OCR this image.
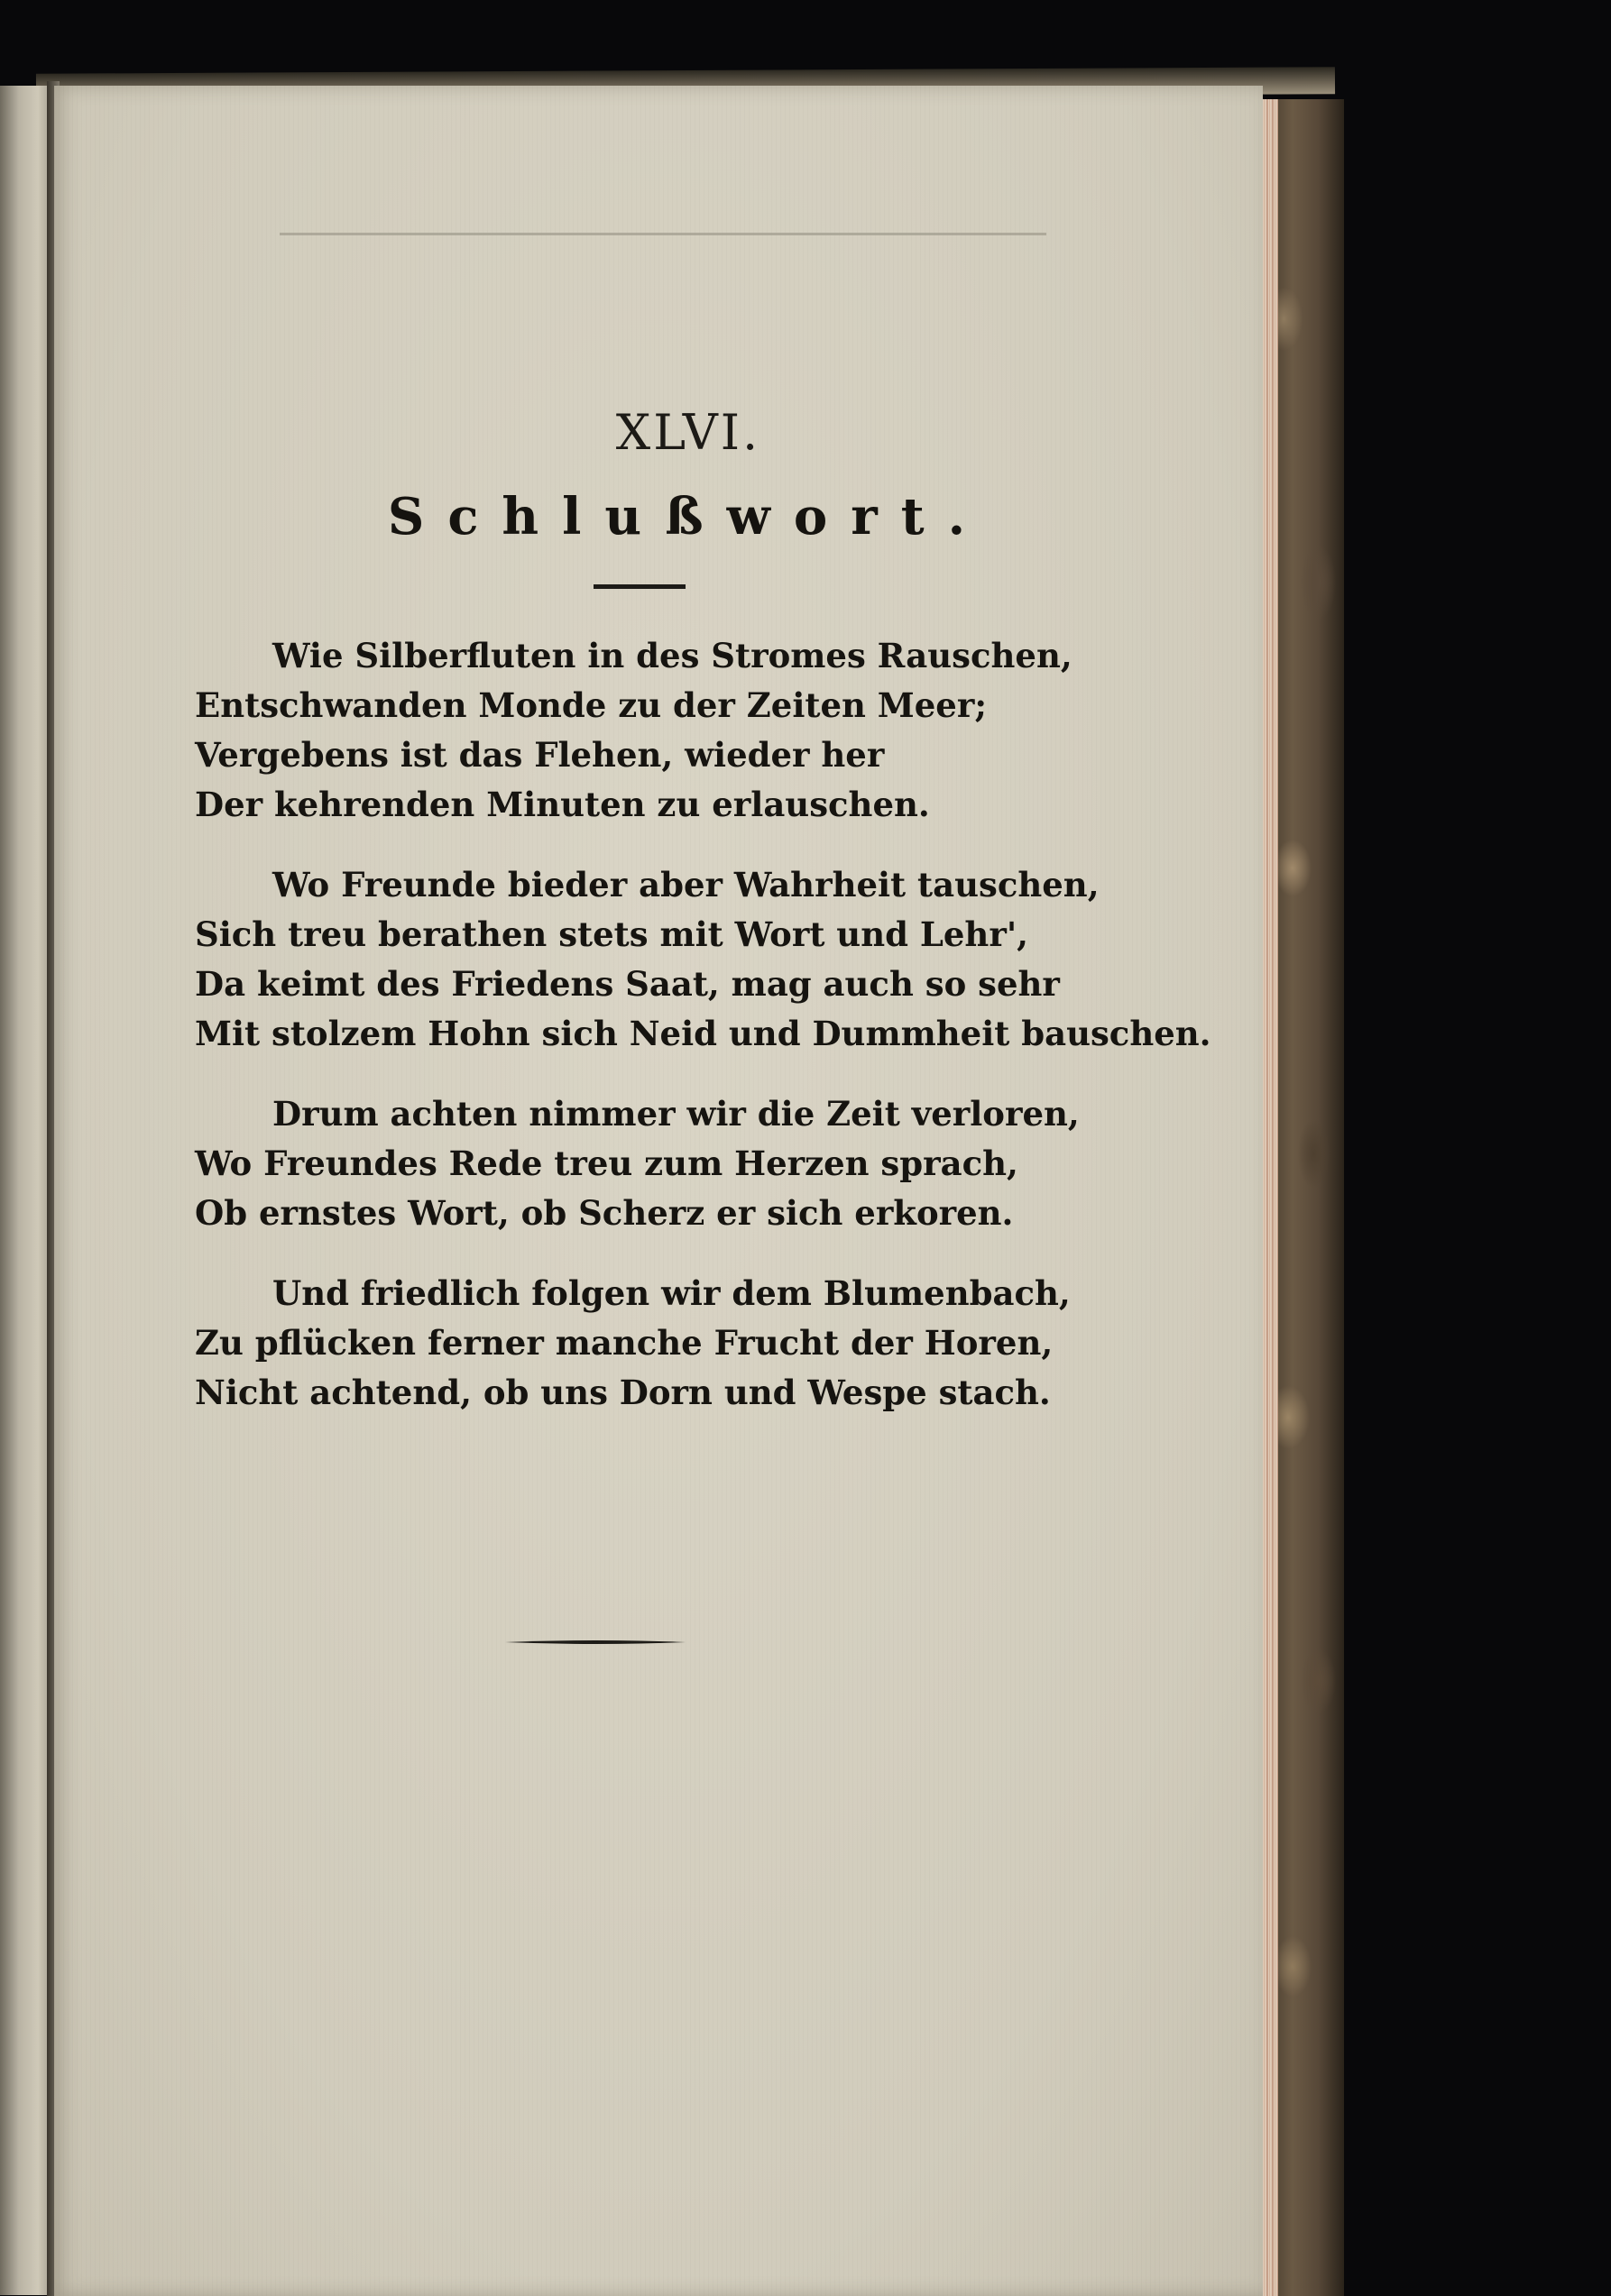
XLVI.
Schlußwort.
Wie Silberfluten in des Stromes Rauschen,
Entschwanden Monde zu der Zeiten Meer;
Vergebens ist das Flehen, wieder her
Der kehrenden Minuten zu erlauschen.
Wo Freunde bieder aber Wahrheit tauschen,
Sich treu berathen stets mit Wort und Lehr',
Da keimt des Friedens Saat, mag auch so sehr
Mit stolzem Hohn sich Neid und Dummheit bauschen.
Drum achten nimmer wir die Zeit verloren,
Wo Freundes Rede treu zum Herzen sprach,
Ob ernstes Wort, ob Scherz er sich erkoren.
Und friedlich folgen wir dem Blumenbach,
Zu pflücken ferner manche Frucht der Horen,
Nicht achtend, ob uns Dorn und Wespe stach.
